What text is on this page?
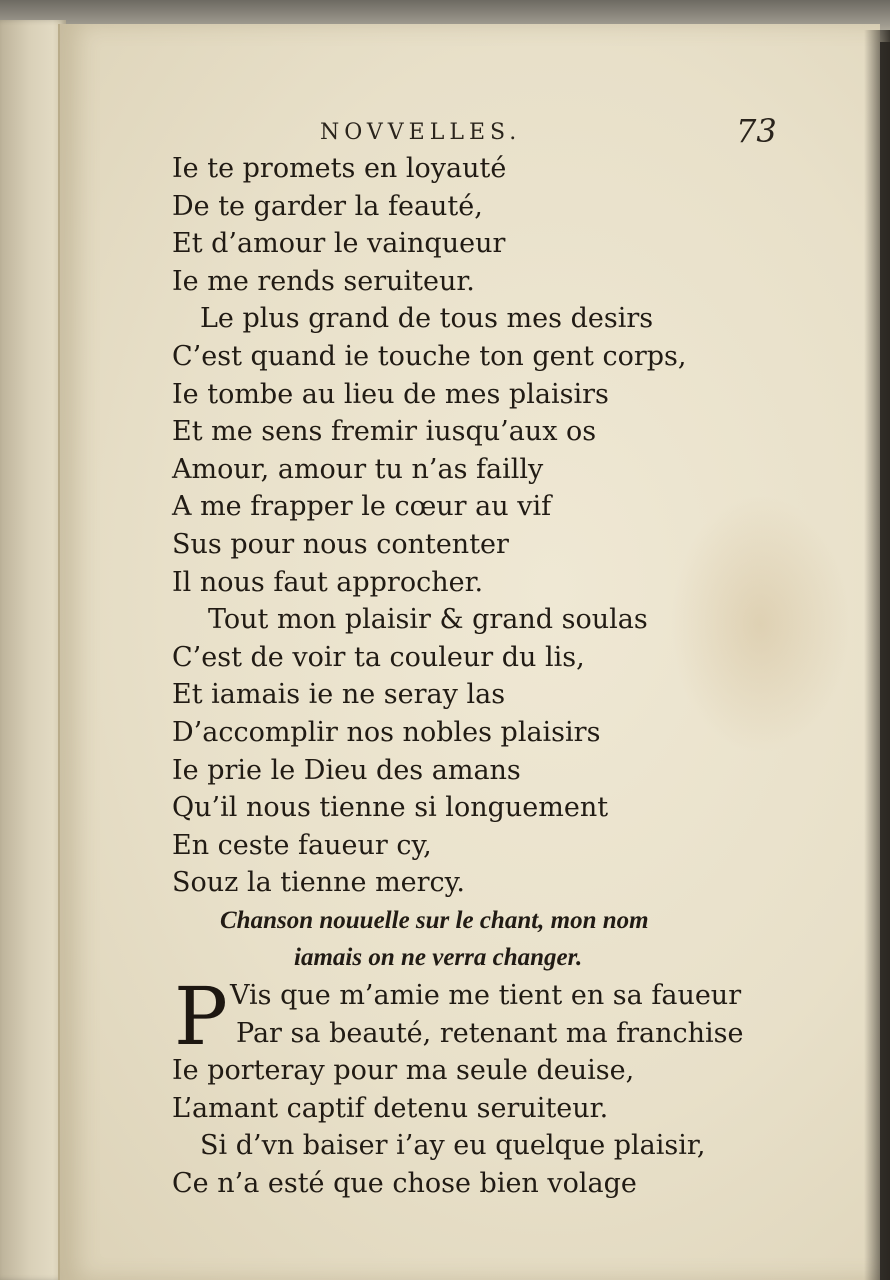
NOVVELLES.	73
Ie te promets en loyauté
De te garder la feauté,
Et d’amour le vainqueur
Ie me rends seruiteur.
Le plus grand de tous mes desirs
C’est quand ie touche ton gent corps,
Ie tombe au lieu de mes plaisirs
Et me sens fremir iusqu’aux os
Amour, amour tu n’as failly
A me frapper le cœur au vif
Sus pour nous contenter
Il nous faut approcher.
Tout mon plaisir & grand soulas
C’est de voir ta couleur du lis,
Et iamais ie ne seray las
D’accomplir nos nobles plaisirs
Ie prie le Dieu des amans
Qu’il nous tienne si longuement
En ceste faueur cy,
Souz la tienne mercy.
Chanson nouuelle sur le chant, mon nom
iamais on ne verra changer.
P Vis que m’amie me tient en sa faueur
Par sa beauté, retenant ma franchise
Ie porteray pour ma seule deuise,
L’amant captif detenu seruiteur.
Si d’vn baiser i’ay eu quelque plaisir,
Ce n’a esté que chose bien volage
